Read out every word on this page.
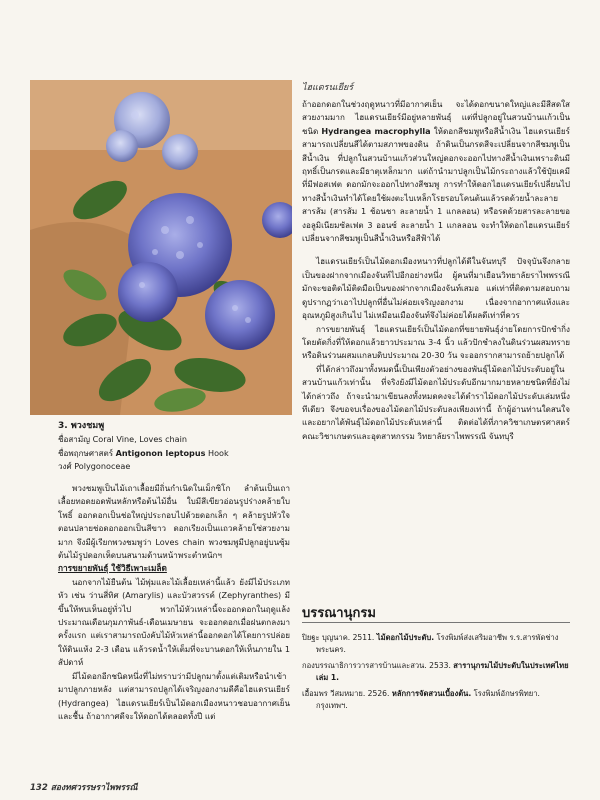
ไฮแดรนเยียร์

3. พวงชมพู

ชื่อสามัญ Coral Vine, Loves chain

ชื่อพฤกษศาสตร์ Antigonon leptopus Hook

วงศ์ Polygonoceae

พวงชมพูเป็นไม้เถาเลื้อยมีถิ่นกำเนิดในเม็กซิโก ลำต้นเป็นเถาเลื้อยทอดยอดพันหลักหรือต้นไม้อื่น ใบมีสีเขียวอ่อนรูปร่างคล้ายใบโพธิ์ ออกดอกเป็นช่อใหญ่ประกอบไปด้วยดอกเล็ก ๆ คล้ายรูปหัวใจ ตอนปลายช่อดอกออกเป็นสีขาว ดอกเรียงเป็นแถวคล้ายโซ่สวยงามมาก จึงมีผู้เรียกพวงชมพูว่า Loves chain พวงชมพูมีปลูกอยู่บนซุ้มต้นไม้รูปดอกเห็ดบนสนามด้านหน้าพระตำหนักฯ

การขยายพันธุ์ ใช้วิธีเพาะเมล็ด

นอกจากไม้ยืนต้น ไม้พุ่มและไม้เลื้อยเหล่านี้แล้ว ยังมีไม้ประเภทหัว เช่น ว่านสี่ทิศ (Amarylis) และบัวสวรรค์ (Zephyranthes) มีขึ้นให้พบเห็นอยู่ทั่วไป พวกไม้หัวเหล่านี้จะออกดอกในฤดูแล้งประมาณเดือนกุมภาพันธ์-เดือนเมษายน จะออกดอกเมื่อฝนตกลงมาครั้งแรก แต่เราสามารถบังคับไม้หัวเหล่านี้ออกดอกได้โดยการปล่อยให้ดินแห้ง 2-3 เดือน แล้วรดน้ำให้เต็มที่จะบานดอกให้เห็นภายใน 1 สัปดาห์

มีไม้ดอกอีกชนิดหนึ่งที่ไม่ทราบว่ามีปลูกมาตั้งแต่เดิมหรือนำเข้ามาปลูกภายหลัง แต่สามารถปลูกได้เจริญงอกงามดีคือไฮแดรนเยียร์ (Hydrangea) ไฮแดรนเยียร์เป็นไม้ดอกเมืองหนาวชอบอากาศเย็นและชื้น ถ้าอากาศดีจะให้ดอกได้ตลอดทั้งปี แต่

ถ้าออกดอกในช่วงฤดูหนาวที่มีอากาศเย็น จะได้ดอกขนาดใหญ่และมีสีสดใสสวยงามมาก ไฮแดรนเยียร์มีอยู่หลายพันธุ์ แต่ที่ปลูกอยู่ในสวนบ้านแก้วเป็นชนิด Hydrangea macrophylla ให้ดอกสีชมพูหรือสีน้ำเงิน ไฮแดรนเยียร์สามารถเปลี่ยนสีได้ตามสภาพของดิน ถ้าดินเป็นกรดสีจะเปลี่ยนจากสีชมพูเป็นสีน้ำเงิน ที่ปลูกในสวนบ้านแก้วส่วนใหญ่ดอกจะออกไปทางสีน้ำเงินเพราะดินมีฤทธิ์เป็นกรดและมีธาตุเหล็กมาก แต่ถ้านำมาปลูกเป็นไม้กระถางแล้วใช้ปุ๋ยเคมีที่มีฟอสเฟต ดอกมักจะออกไปทางสีชมพู การทำให้ดอกไฮแดรนเยียร์เปลี่ยนไปทางสีน้ำเงินทำได้โดยใช้ผงตะไบเหล็กโรยรอบโคนต้นแล้วรดด้วยน้ำละลายสารส้ม (สารส้ม 1 ช้อนชา ละลายน้ำ 1 แกลลอน) หรือรดด้วยสารละลายของอลูมิเนียมซัลเฟต 3 ออนซ์ ละลายน้ำ 1 แกลลอน จะทำให้ดอกไฮแดรนเยียร์เปลี่ยนจากสีชมพูเป็นสีน้ำเงินหรือสีฟ้าได้

ไฮแดรนเยียร์เป็นไม้ดอกเมืองหนาวที่ปลูกได้ดีในจันทบุรี ปัจจุบันจึงกลายเป็นของฝากจากเมืองจันท์ไปอีกอย่างหนึ่ง ผู้คนที่มาเยือนวิทยาลัยราไพพรรณี มักจะขอติดไม้ติดมือเป็นของฝากจากเมืองจันท์เสมอ แต่เท่าที่ติดตามสอบถามดูปรากฏว่าเอาไปปลูกที่อื่นไม่ค่อยเจริญงอกงาม เนื่องจากอากาศแห้งและอุณหภูมิสูงเกินไป ไม่เหมือนเมืองจันท์จึงไม่ค่อยได้ผลดีเท่าที่ควร

การขยายพันธุ์ ไฮแดรนเยียร์เป็นไม้ดอกที่ขยายพันธุ์ง่ายโดยการปักชำกิ่ง โดยตัดกิ่งที่ให้ดอกแล้วยาวประมาณ 3-4 นิ้ว แล้วปักชำลงในดินร่วนผสมทรายหรือดินร่วนผสมแกลบดิบประมาณ 20-30 วัน จะออกรากสามารถย้ายปลูกได้

ที่ได้กล่าวถึงมาทั้งหมดนี้เป็นเพียงตัวอย่างของพันธุ์ไม้ดอกไม้ประดับอยู่ในสวนบ้านแก้วเท่านั้น ที่จริงยังมีไม้ดอกไม้ประดับอีกมากมายหลายชนิดที่ยังไม่ได้กล่าวถึง ถ้าจะนำมาเขียนลงทั้งหมดคงจะได้ตำราไม้ดอกไม้ประดับเล่มหนึ่งทีเดียว จึงขอจบเรื่องของไม้ดอกไม้ประดับลงเพียงเท่านี้ ถ้าผู้อ่านท่านใดสนใจและอยากได้พันธุ์ไม้ดอกไม้ประดับเหล่านี้ ติดต่อได้ที่ภาควิชาเกษตรศาสตร์ คณะวิชาเกษตรและอุตสาหกรรม วิทยาลัยราไพพรรณี จันทบุรี

บรรณานุกรม

ปิยฐะ บุญนาค. 2511. ไม้ดอกไม้ประดับ. โรงพิมพ์ส่งเสริมอาชีพ ร.ร.สารพัดช่างพระนคร.

กองบรรณาธิการวารสารบ้านและสวน. 2533. สารานุกรมไม้ประดับในประเทศไทย เล่ม 1.

เอื้อมพร วีสมหมาย. 2526. หลักการจัดสวนเบื้องต้น. โรงพิมพ์อักษรพิทยา. กรุงเทพฯ.

132 สองทศวรรษราไพพรรณี
